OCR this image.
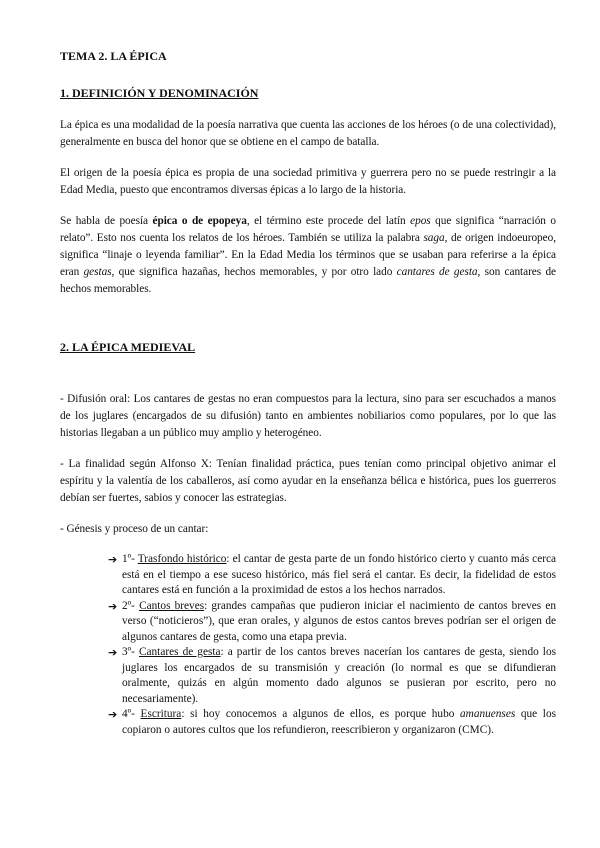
TEMA 2. LA ÉPICA
1. DEFINICIÓN Y DENOMINACIÓN

La épica es una modalidad de la poesía narrativa que cuenta las acciones de los héroes (o de una colectividad), generalmente en busca del honor que se obtiene en el campo de batalla.

El origen de la poesía épica es propia de una sociedad primitiva y guerrera pero no se puede restringir a la Edad Media, puesto que encontramos diversas épicas a lo largo de la historia.

Se habla de poesía épica o de epopeya, el término este procede del latín epos que significa “narración o relato”. Esto nos cuenta los relatos de los héroes. También se utiliza la palabra saga, de origen indoeuropeo, significa “linaje o leyenda familiar”. En la Edad Media los términos que se usaban para referirse a la épica eran gestas, que significa hazañas, hechos memorables, y por otro lado cantares de gesta, son cantares de hechos memorables.

2. LA ÉPICA MEDIEVAL

- Difusión oral: Los cantares de gestas no eran compuestos para la lectura, sino para ser escuchados a manos de los juglares (encargados de su difusión) tanto en ambientes nobiliarios como populares, por lo que las historias llegaban a un público muy amplio y heterogéneo.

- La finalidad según Alfonso X: Tenían finalidad práctica, pues tenían como principal objetivo animar el espíritu y la valentía de los caballeros, así como ayudar en la enseñanza bélica e histórica, pues los guerreros debían ser fuertes, sabios y conocer las estrategias.

- Génesis y proceso de un cantar:

➔ 1º- Trasfondo histórico: el cantar de gesta parte de un fondo histórico cierto y cuanto más cerca está en el tiempo a ese suceso histórico, más fiel será el cantar. Es decir, la fidelidad de estos cantares está en función a la proximidad de estos a los hechos narrados.
➔ 2º- Cantos breves: grandes campañas que pudieron iniciar el nacimiento de cantos breves en verso (“noticieros”), que eran orales, y algunos de estos cantos breves podrían ser el origen de algunos cantares de gesta, como una etapa previa.
➔ 3º- Cantares de gesta: a partir de los cantos breves nacerían los cantares de gesta, siendo los juglares los encargados de su transmisión y creación (lo normal es que se difundieran oralmente, quizás en algún momento dado algunos se pusieran por escrito, pero no necesariamente).
➔ 4º- Escritura: si hoy conocemos a algunos de ellos, es porque hubo amanuenses que los copiaron o autores cultos que los refundieron, reescribieron y organizaron (CMC).
